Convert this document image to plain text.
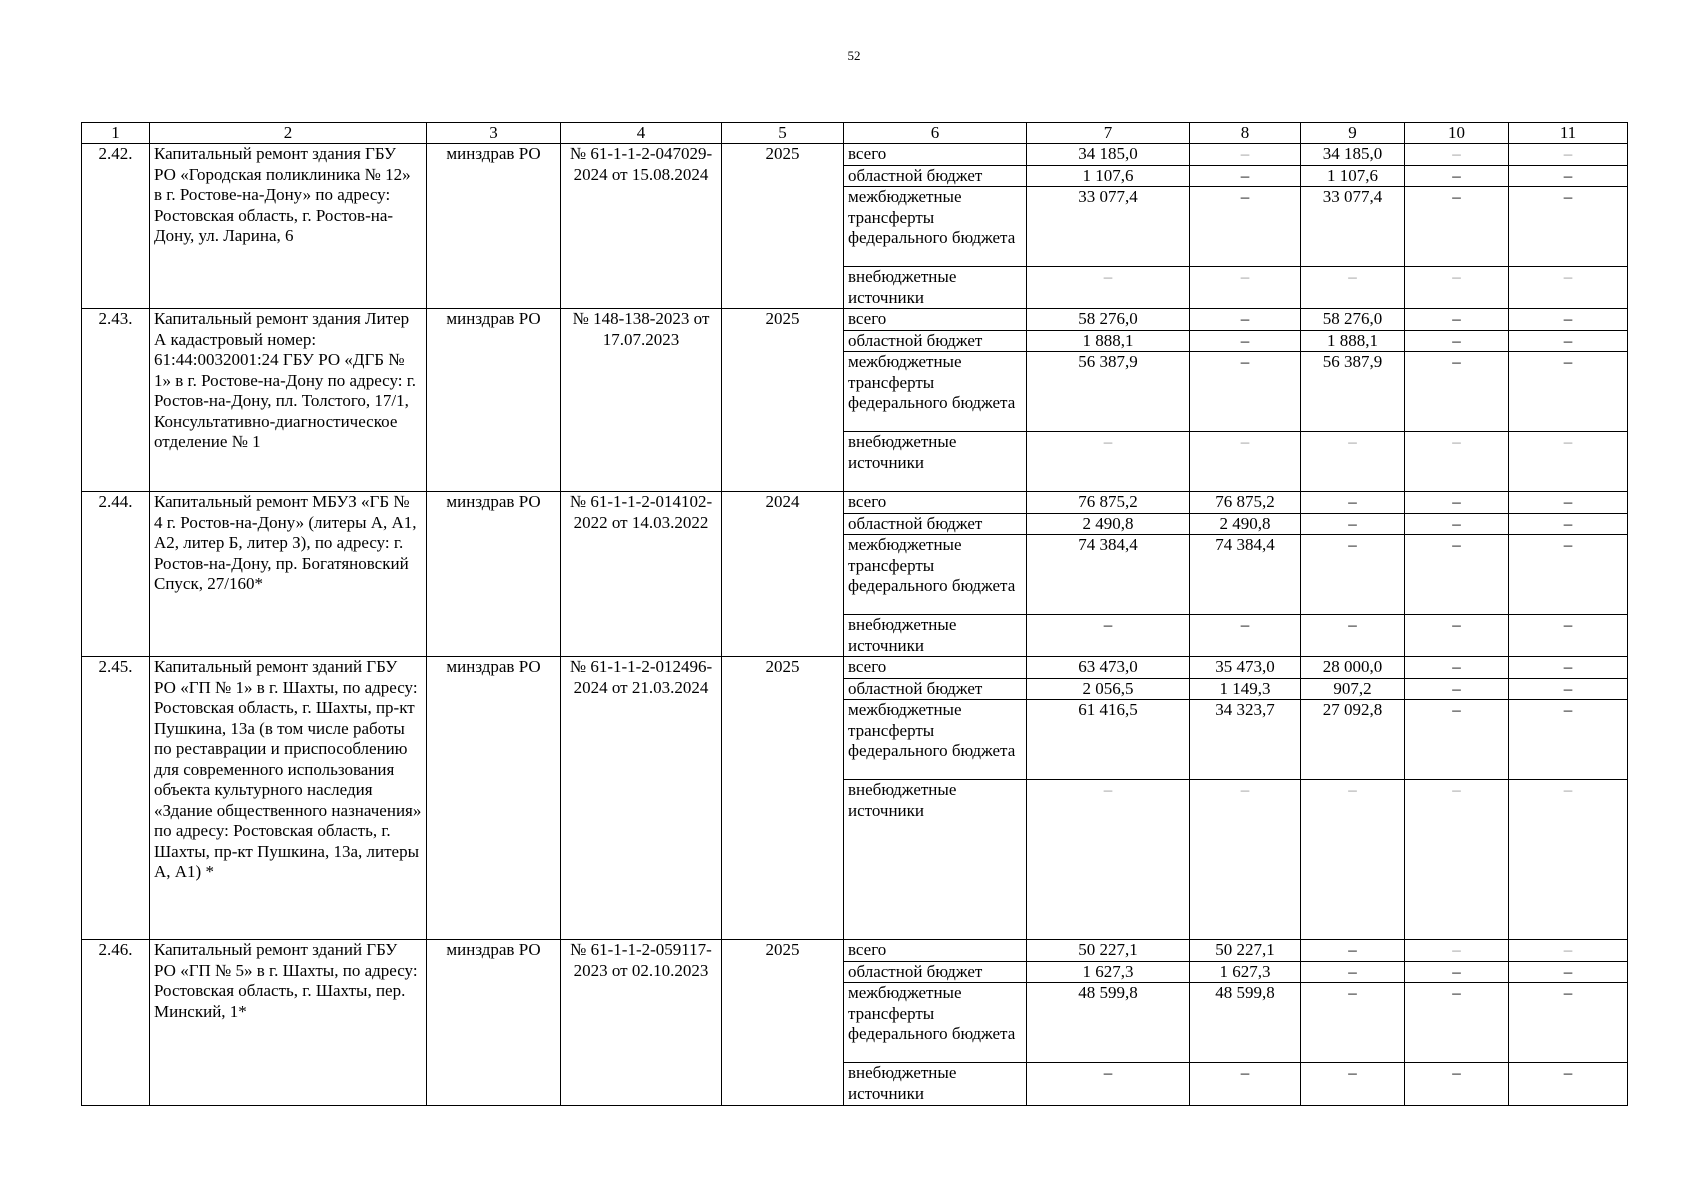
52
1	2	3	4	5	6	7	8	9	10	11
2.42.	Капитальный ремонт здания ГБУ РО «Городская поликлиника № 12» в г. Ростове-на-Дону» по адресу: Ростовская область, г. Ростов-на-Дону, ул. Ларина, 6	минздрав РО	№ 61-1-1-2-047029-2024 от 15.08.2024	2025	всего	34 185,0	–	34 185,0	–	–
					областной бюджет	1 107,6	–	1 107,6	–	–
					межбюджетные трансферты федерального бюджета	33 077,4	–	33 077,4	–	–
					внебюджетные источники	–	–	–	–	–
2.43.	Капитальный ремонт здания Литер А кадастровый номер: 61:44:0032001:24 ГБУ РО «ДГБ № 1» в г. Ростове-на-Дону по адресу: г. Ростов-на-Дону, пл. Толстого, 17/1, Консультативно-диагностическое отделение № 1	минздрав РО	№ 148-138-2023 от 17.07.2023	2025	всего	58 276,0	–	58 276,0	–	–
					областной бюджет	1 888,1	–	1 888,1	–	–
					межбюджетные трансферты федерального бюджета	56 387,9	–	56 387,9	–	–
					внебюджетные источники	–	–	–	–	–
2.44.	Капитальный ремонт МБУЗ «ГБ № 4 г. Ростов-на-Дону» (литеры А, А1, А2, литер Б, литер З), по адресу: г. Ростов-на-Дону, пр. Богатяновский Спуск, 27/160*	минздрав РО	№ 61-1-1-2-014102-2022 от 14.03.2022	2024	всего	76 875,2	76 875,2	–	–	–
					областной бюджет	2 490,8	2 490,8	–	–	–
					межбюджетные трансферты федерального бюджета	74 384,4	74 384,4	–	–	–
					внебюджетные источники	–	–	–	–	–
2.45.	Капитальный ремонт зданий ГБУ РО «ГП № 1» в г. Шахты, по адресу: Ростовская область, г. Шахты, пр-кт Пушкина, 13а (в том числе работы по реставрации и приспособлению для современного использования объекта культурного наследия «Здание общественного назначения» по адресу: Ростовская область, г. Шахты, пр-кт Пушкина, 13а, литеры А, А1) *	минздрав РО	№ 61-1-1-2-012496-2024 от 21.03.2024	2025	всего	63 473,0	35 473,0	28 000,0	–	–
					областной бюджет	2 056,5	1 149,3	907,2	–	–
					межбюджетные трансферты федерального бюджета	61 416,5	34 323,7	27 092,8	–	–
					внебюджетные источники	–	–	–	–	–
2.46.	Капитальный ремонт зданий ГБУ РО «ГП № 5» в г. Шахты, по адресу: Ростовская область, г. Шахты, пер. Минский, 1*	минздрав РО	№ 61-1-1-2-059117-2023 от 02.10.2023	2025	всего	50 227,1	50 227,1	–	–	–
					областной бюджет	1 627,3	1 627,3	–	–	–
					межбюджетные трансферты федерального бюджета	48 599,8	48 599,8	–	–	–
					внебюджетные источники	–	–	–	–	–
